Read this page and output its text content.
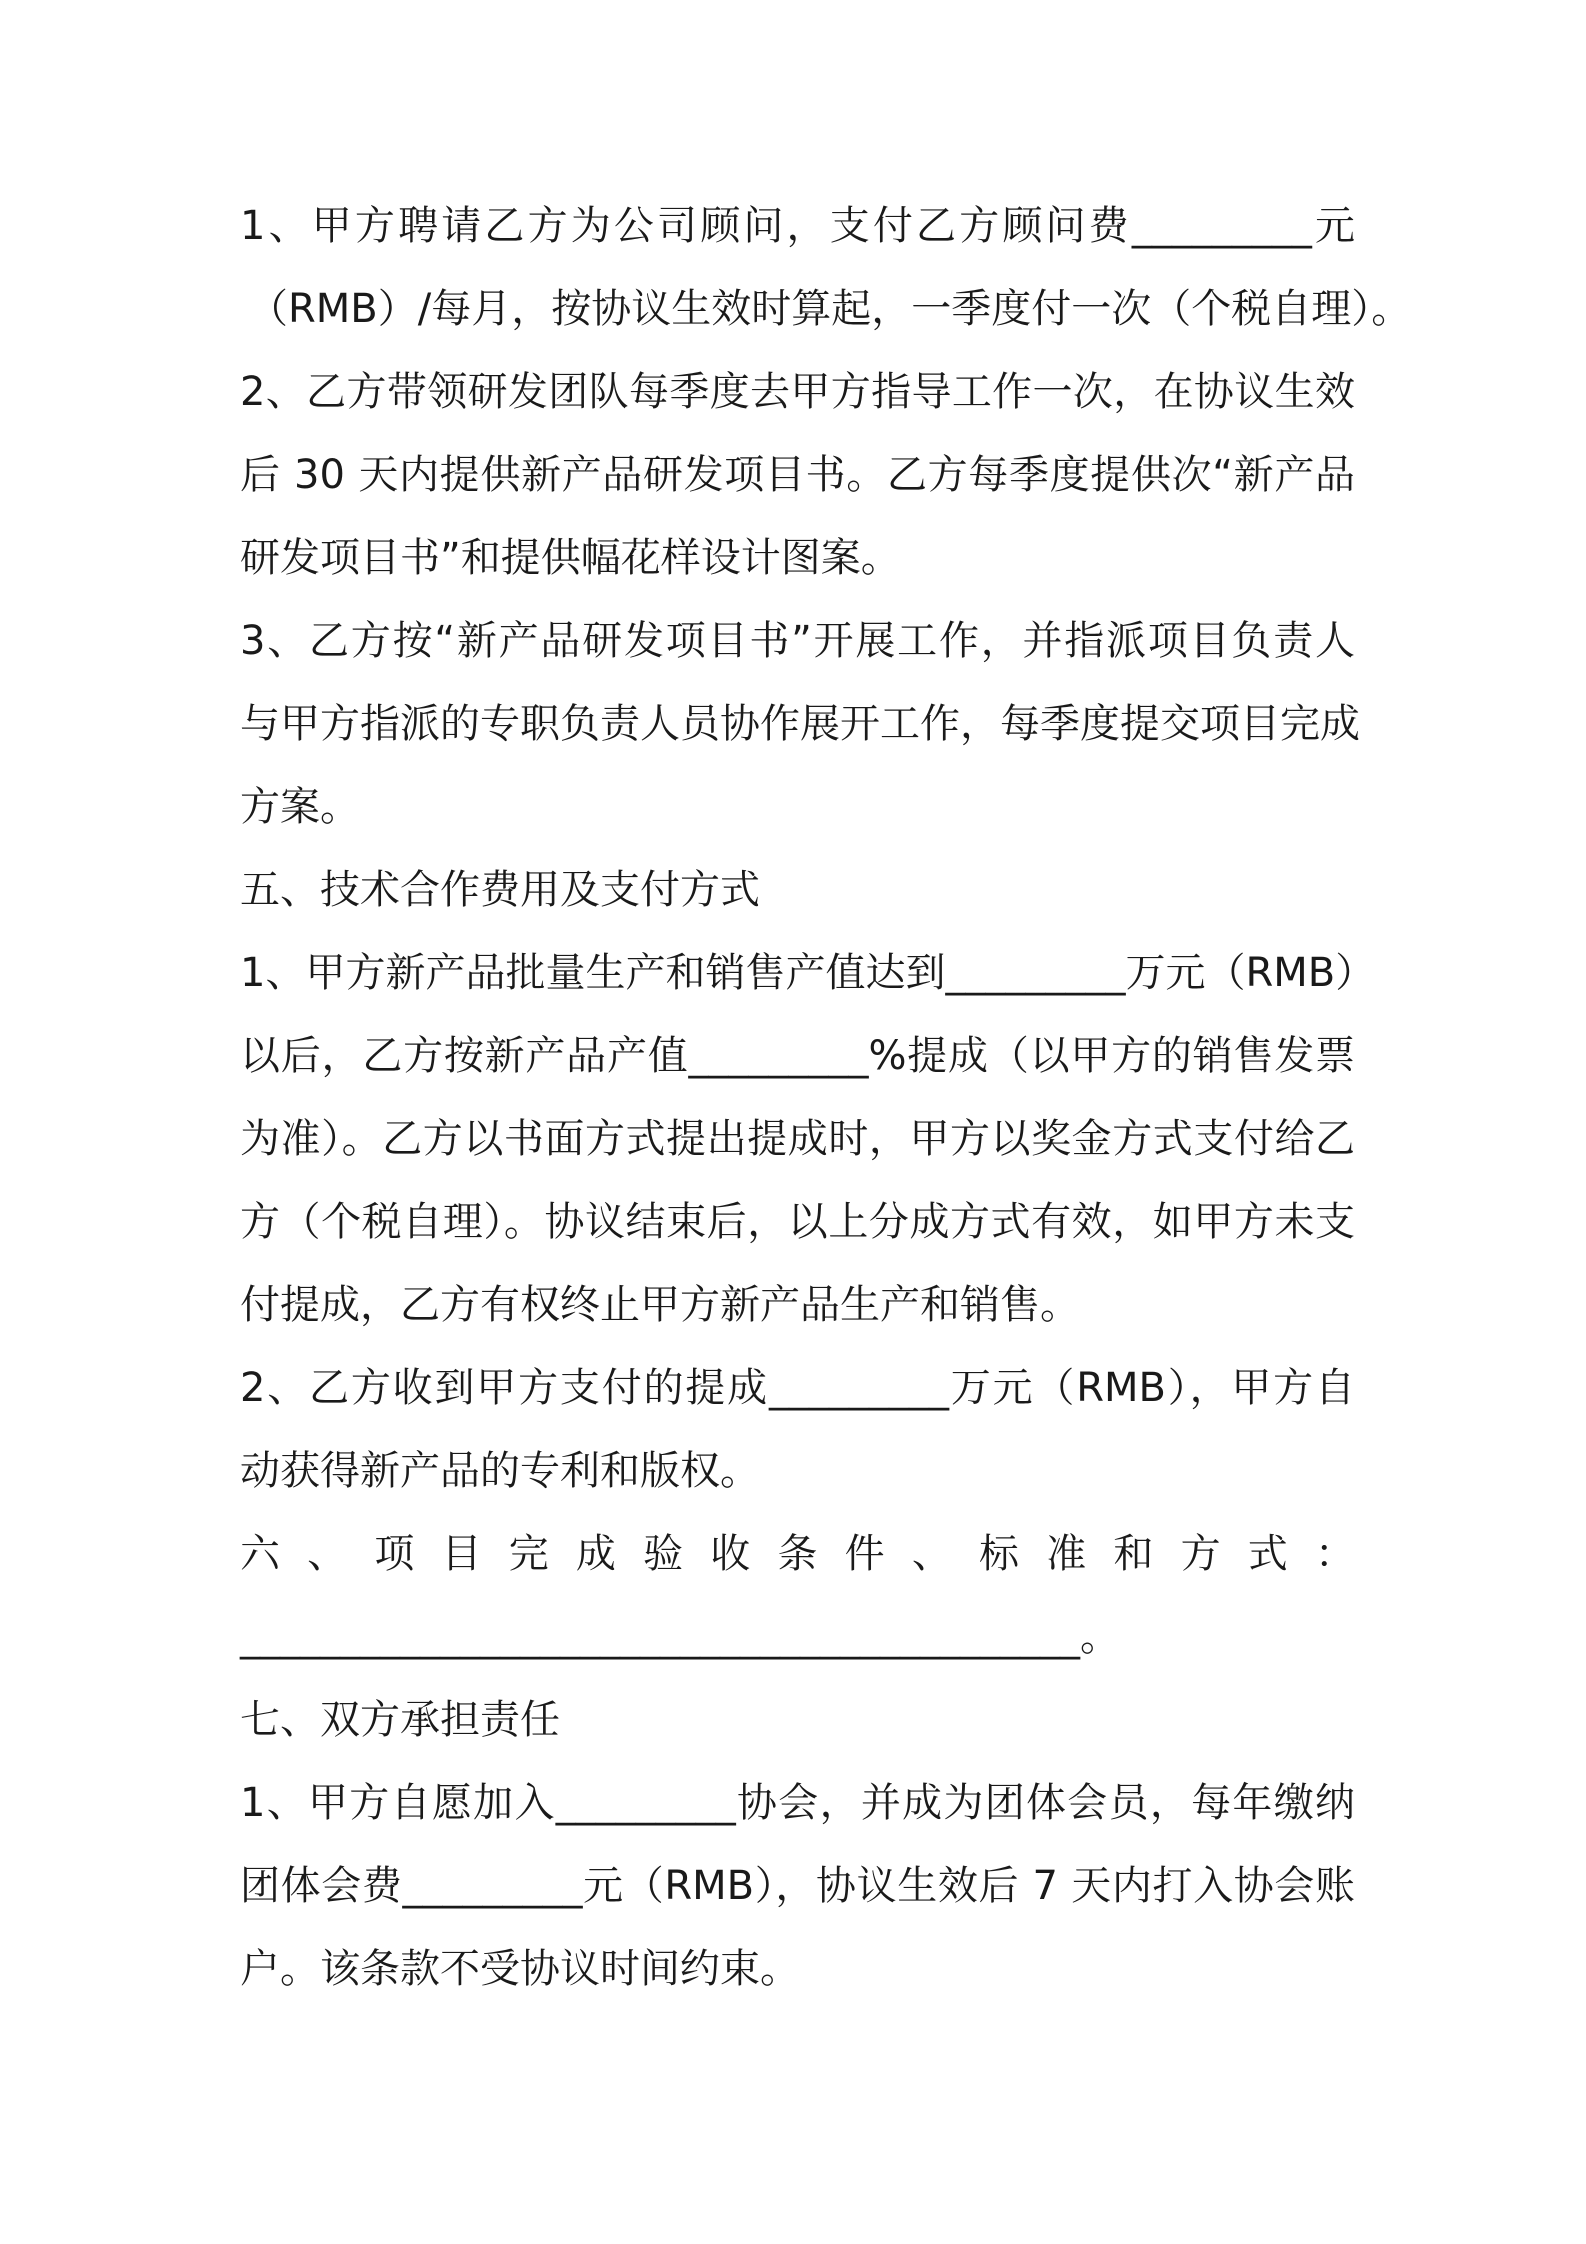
1、甲方聘请乙方为公司顾问，支付乙方顾问费_________元
（RMB）/每月，按协议生效时算起，一季度付一次（个税自理）。
2、乙方带领研发团队每季度去甲方指导工作一次，在协议生效
后 30 天内提供新产品研发项目书。乙方每季度提供次“新产品
研发项目书”和提供幅花样设计图案。
3、乙方按“新产品研发项目书”开展工作，并指派项目负责人
与甲方指派的专职负责人员协作展开工作，每季度提交项目完成
方案。
五、技术合作费用及支付方式
1、甲方新产品批量生产和销售产值达到_________万元（RMB）
以后，乙方按新产品产值_________%提成（以甲方的销售发票
为准）。乙方以书面方式提出提成时，甲方以奖金方式支付给乙
方（个税自理）。协议结束后，以上分成方式有效，如甲方未支
付提成，乙方有权终止甲方新产品生产和销售。
2、乙方收到甲方支付的提成_________万元（RMB），甲方自
动获得新产品的专利和版权。
六 、 项 目 完 成 验 收 条 件 、 标 准 和 方 式 ：
__________________________________________。
七、双方承担责任
1、甲方自愿加入_________协会，并成为团体会员，每年缴纳
团体会费_________元（RMB），协议生效后 7 天内打入协会账
户。该条款不受协议时间约束。
